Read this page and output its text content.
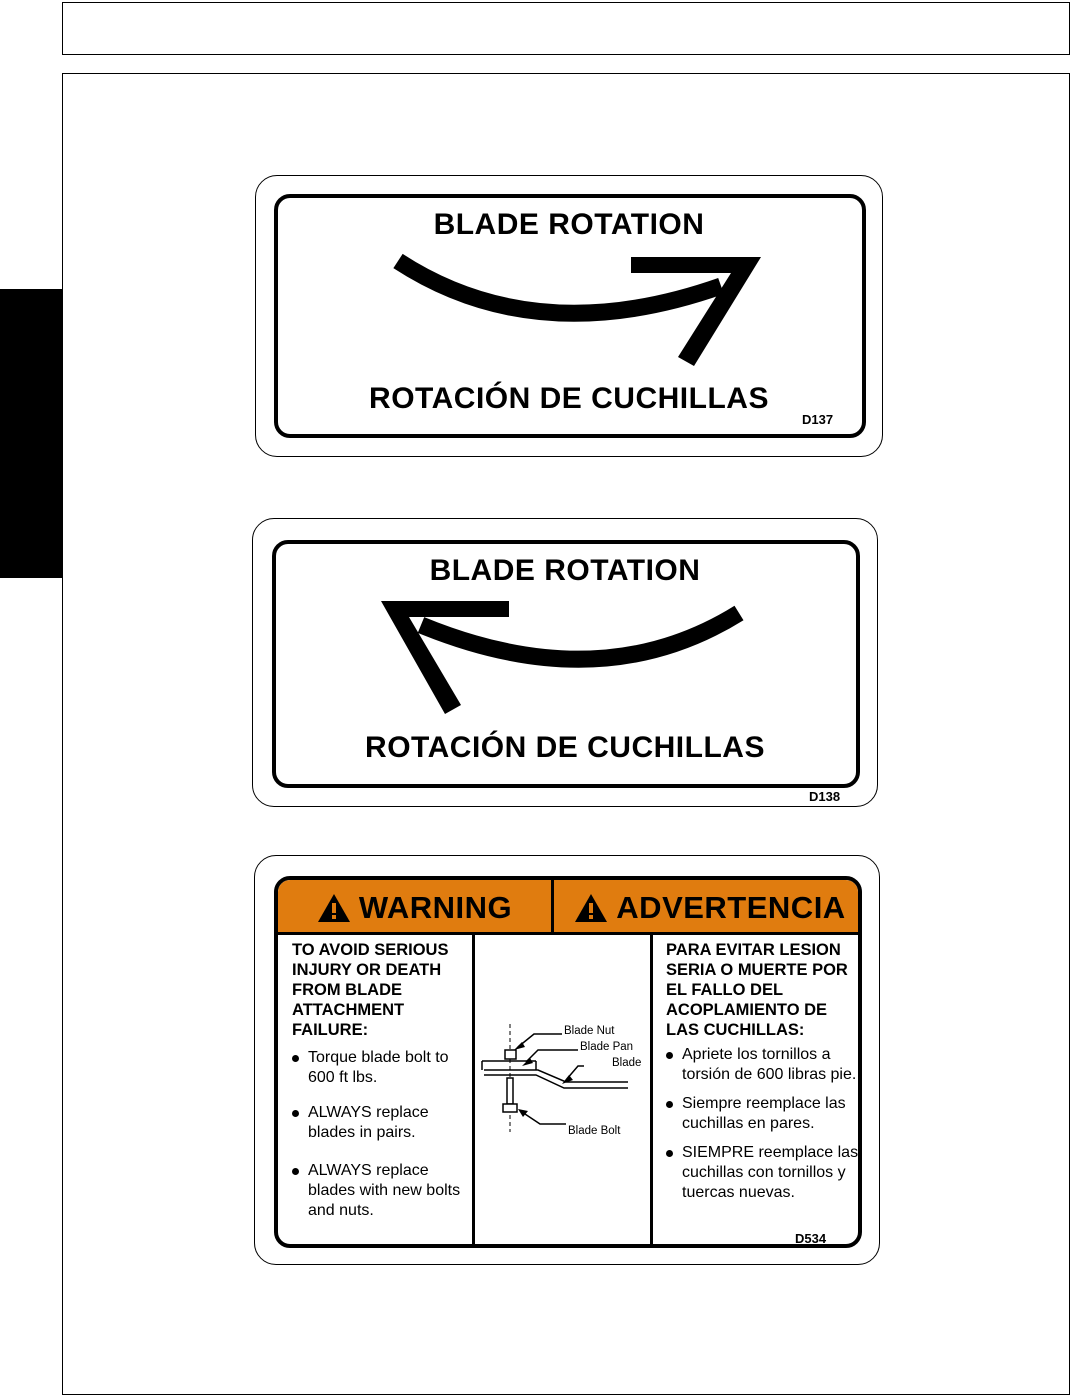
BLADE ROTATION
ROTACIÓN DE CUCHILLAS
D137
BLADE ROTATION
ROTACIÓN DE CUCHILLAS
D138
WARNING	ADVERTENCIA
TO AVOID SERIOUS INJURY OR DEATH FROM BLADE ATTACHMENT FAILURE:
Torque blade bolt to 600 ft lbs.
ALWAYS replace blades in pairs.
ALWAYS replace blades with new bolts and nuts.
Blade Nut
Blade Pan
Blade
Blade Bolt
PARA EVITAR LESION SERIA O MUERTE POR EL FALLO DEL ACOPLAMIENTO DE LAS CUCHILLAS:
Apriete los tornillos a torsión de 600 libras pie.
Siempre reemplace las cuchillas en pares.
SIEMPRE reemplace las cuchillas con tornillos y tuercas nuevas.
D534
